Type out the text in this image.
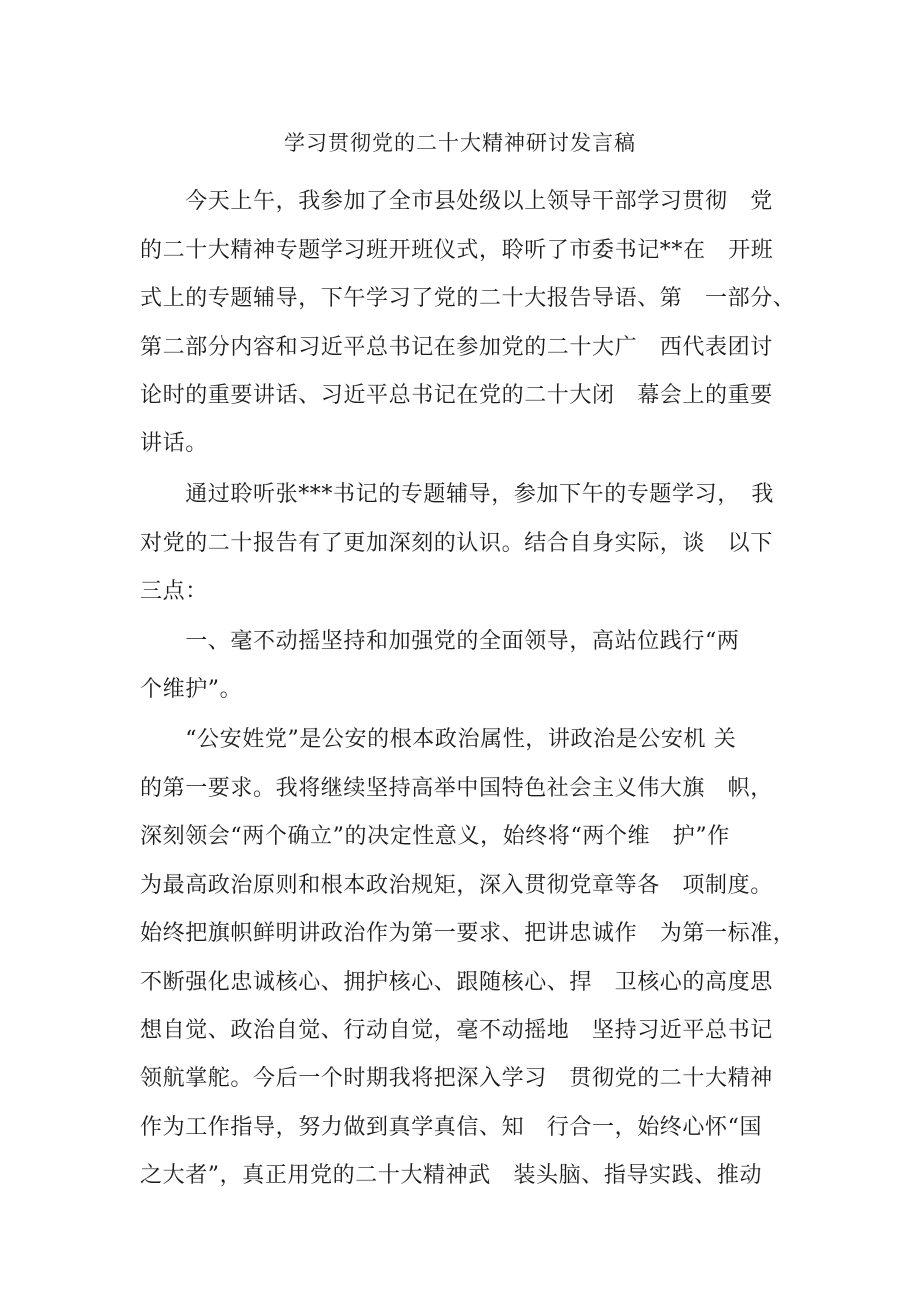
学习贯彻党的二十大精神研讨发言稿
　　今天上午，我参加了全市县处级以上领导干部学习贯彻　党
的二十大精神专题学习班开班仪式，聆听了市委书记**在　开班
式上的专题辅导，下午学习了党的二十大报告导语、第　一部分、
第二部分内容和习近平总书记在参加党的二十大广　西代表团讨
论时的重要讲话、习近平总书记在党的二十大闭　幕会上的重要
讲话。
　　通过聆听张***书记的专题辅导，参加下午的专题学习，　我
对党的二十报告有了更加深刻的认识。结合自身实际，谈　以下
三点：
　　一、毫不动摇坚持和加强党的全面领导，高站位践行“两
个维护”。
　　“公安姓党”是公安的根本政治属性，讲政治是公安机 关
的第一要求。我将继续坚持高举中国特色社会主义伟大旗　帜，
深刻领会“两个确立”的决定性意义，始终将“两个维　护”作
为最高政治原则和根本政治规矩，深入贯彻党章等各　项制度。
始终把旗帜鲜明讲政治作为第一要求、把讲忠诚作　为第一标准，
不断强化忠诚核心、拥护核心、跟随核心、捍　卫核心的高度思
想自觉、政治自觉、行动自觉，毫不动摇地　坚持习近平总书记
领航掌舵。今后一个时期我将把深入学习　贯彻党的二十大精神
作为工作指导，努力做到真学真信、知　行合一，始终心怀“国
之大者”，真正用党的二十大精神武　装头脑、指导实践、推动
